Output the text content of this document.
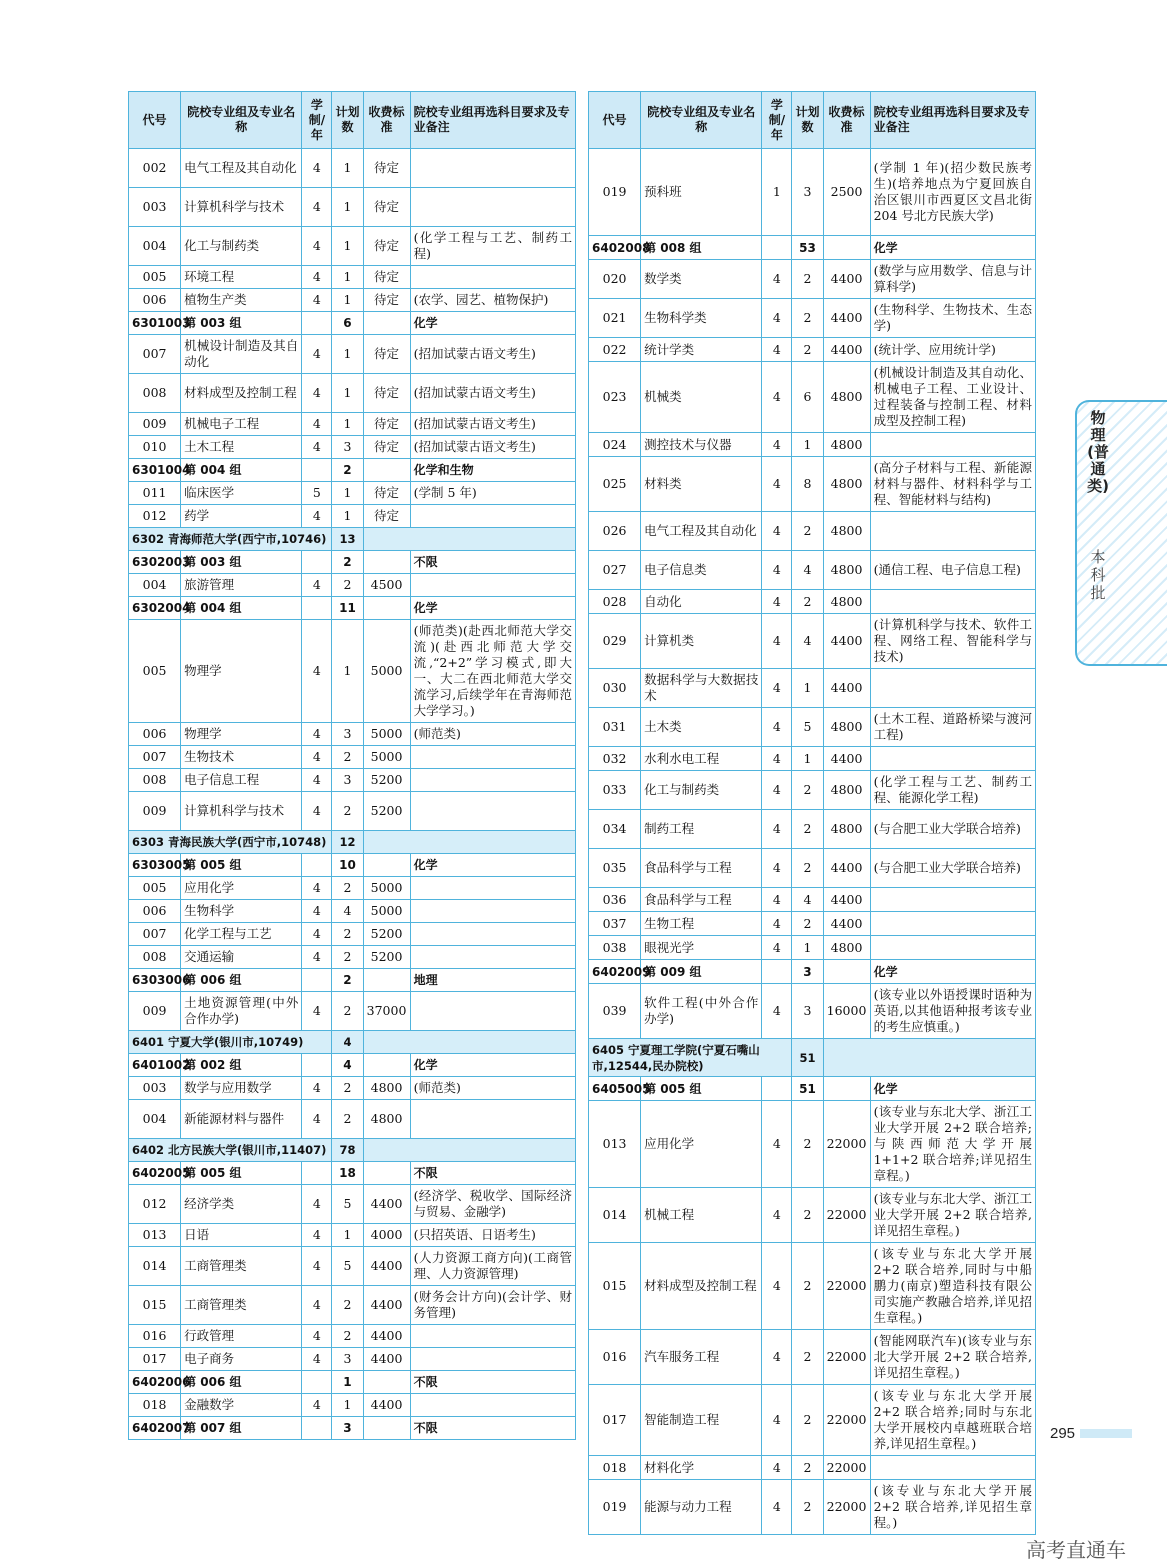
代号	院校专业组及专业名称	学制/年	计划数	收费标准	院校专业组再选科目要求及专业备注
002	电气工程及其自动化	4	1	待定	
003	计算机科学与技术	4	1	待定	
004	化工与制药类	4	1	待定	(化学工程与工艺、制药工程)
005	环境工程	4	1	待定	
006	植物生产类	4	1	待定	(农学、园艺、植物保护)
6301003	第 003 组		6		化学
007	机械设计制造及其自动化	4	1	待定	(招加试蒙古语文考生)
008	材料成型及控制工程	4	1	待定	(招加试蒙古语文考生)
009	机械电子工程	4	1	待定	(招加试蒙古语文考生)
010	土木工程	4	3	待定	(招加试蒙古语文考生)
6301004	第 004 组		2		化学和生物
011	临床医学	5	1	待定	(学制 5 年)
012	药学	4	1	待定	
6302 青海师范大学(西宁市,10746)			13		
6302003	第 003 组		2		不限
004	旅游管理	4	2	4500	
6302004	第 004 组		11		化学
005	物理学	4	1	5000	(师范类)(赴西北师范大学交流)(赴西北师范大学交流,“2+2”学习模式,即大一、大二在西北师范大学交流学习,后续学年在青海师范大学学习。)
006	物理学	4	3	5000	(师范类)
007	生物技术	4	2	5000	
008	电子信息工程	4	3	5200	
009	计算机科学与技术	4	2	5200	
6303 青海民族大学(西宁市,10748)			12		
6303005	第 005 组		10		化学
005	应用化学	4	2	5000	
006	生物科学	4	4	5000	
007	化学工程与工艺	4	2	5200	
008	交通运输	4	2	5200	
6303006	第 006 组		2		地理
009	土地资源管理(中外合作办学)	4	2	37000	
6401 宁夏大学(银川市,10749)			4		
6401002	第 002 组		4		化学
003	数学与应用数学	4	2	4800	(师范类)
004	新能源材料与器件	4	2	4800	
6402 北方民族大学(银川市,11407)			78		
6402005	第 005 组		18		不限
012	经济学类	4	5	4400	(经济学、税收学、国际经济与贸易、金融学)
013	日语	4	1	4000	(只招英语、日语考生)
014	工商管理类	4	5	4400	(人力资源工商方向)(工商管理、人力资源管理)
015	工商管理类	4	2	4400	(财务会计方向)(会计学、财务管理)
016	行政管理	4	2	4400	
017	电子商务	4	3	4400	
6402006	第 006 组		1		不限
018	金融数学	4	1	4400	
6402007	第 007 组		3		不限
代号	院校专业组及专业名称	学制/年	计划数	收费标准	院校专业组再选科目要求及专业备注
019	预科班	1	3	2500	(学制 1 年)(招少数民族考生)(培养地点为宁夏回族自治区银川市西夏区文昌北街 204 号北方民族大学)
6402008	第 008 组		53		化学
020	数学类	4	2	4400	(数学与应用数学、信息与计算科学)
021	生物科学类	4	2	4400	(生物科学、生物技术、生态学)
022	统计学类	4	2	4400	(统计学、应用统计学)
023	机械类	4	6	4800	(机械设计制造及其自动化、机械电子工程、工业设计、过程装备与控制工程、材料成型及控制工程)
024	测控技术与仪器	4	1	4800	
025	材料类	4	8	4800	(高分子材料与工程、新能源材料与器件、材料科学与工程、智能材料与结构)
026	电气工程及其自动化	4	2	4800	
027	电子信息类	4	4	4800	(通信工程、电子信息工程)
028	自动化	4	2	4800	
029	计算机类	4	4	4400	(计算机科学与技术、软件工程、网络工程、智能科学与技术)
030	数据科学与大数据技术	4	1	4400	
031	土木类	4	5	4800	(土木工程、道路桥梁与渡河工程)
032	水利水电工程	4	1	4400	
033	化工与制药类	4	2	4800	(化学工程与工艺、制药工程、能源化学工程)
034	制药工程	4	2	4800	(与合肥工业大学联合培养)
035	食品科学与工程	4	2	4400	(与合肥工业大学联合培养)
036	食品科学与工程	4	4	4400	
037	生物工程	4	2	4400	
038	眼视光学	4	1	4800	
6402009	第 009 组		3		化学
039	软件工程(中外合作办学)	4	3	16000	(该专业以外语授课时语种为英语,以其他语种报考该专业的考生应慎重。)
6405 宁夏理工学院(宁夏石嘴山市,12544,民办院校)			51		
6405005	第 005 组		51		化学
013	应用化学	4	2	22000	(该专业与东北大学、浙江工业大学开展 2+2 联合培养;与陕西师范大学开展 1+1+2 联合培养;详见招生章程。)
014	机械工程	4	2	22000	(该专业与东北大学、浙江工业大学开展 2+2 联合培养,详见招生章程。)
015	材料成型及控制工程	4	2	22000	(该专业与东北大学开展 2+2 联合培养,同时与中船鹏力(南京)塑造科技有限公司实施产教融合培养,详见招生章程。)
016	汽车服务工程	4	2	22000	(智能网联汽车)(该专业与东北大学开展 2+2 联合培养,详见招生章程。)
017	智能制造工程	4	2	22000	(该专业与东北大学开展 2+2 联合培养;同时与东北大学开展校内卓越班联合培养,详见招生章程。)
018	材料化学	4	2	22000	
019	能源与动力工程	4	2	22000	(该专业与东北大学开展 2+2 联合培养,详见招生章程。)
物理(普通类)
本科批
295
高考直通车
